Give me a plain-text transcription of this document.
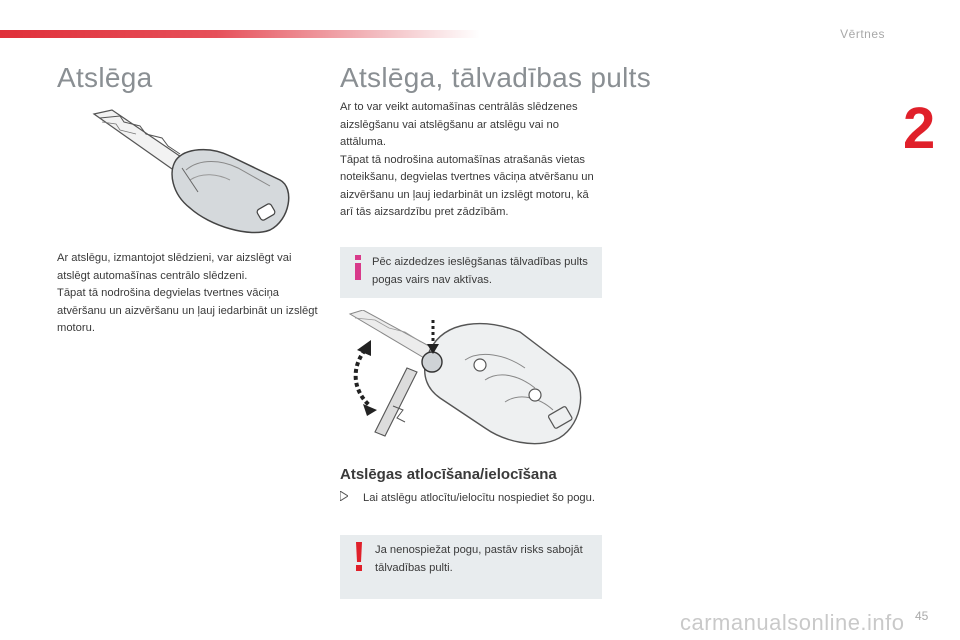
Vērtnes
2
Atslēga	Atslēga, tālvadības pults

Ar atslēgu, izmantojot slēdzieni, var aizslēgt vai atslēgt automašīnas centrālo slēdzeni.

Tāpat tā nodrošina degvielas tvertnes vāciņa atvēršanu un aizvēršanu un ļauj iedarbināt un izslēgt motoru.

Ar to var veikt automašīnas centrālās slēdzenes aizslēgšanu vai atslēgšanu ar atslēgu vai no attāluma.

Tāpat tā nodrošina automašīnas atrašanās vietas noteikšanu, degvielas tvertnes vāciņa atvēršanu un aizvēršanu un ļauj iedarbināt un izslēgt motoru, kā arī tās aizsardzību pret zādzībām.

Pēc aizdedzes ieslēgšanas tālvadības pults pogas vairs nav aktīvas.
Atslēgas atlocīšana/ielocīšana
Lai atslēgu atlocītu/ielocītu nospiediet šo pogu.
Ja nenospiežat pogu, pastāv risks sabojāt tālvadības pulti.
carmanualsonline.info 45
